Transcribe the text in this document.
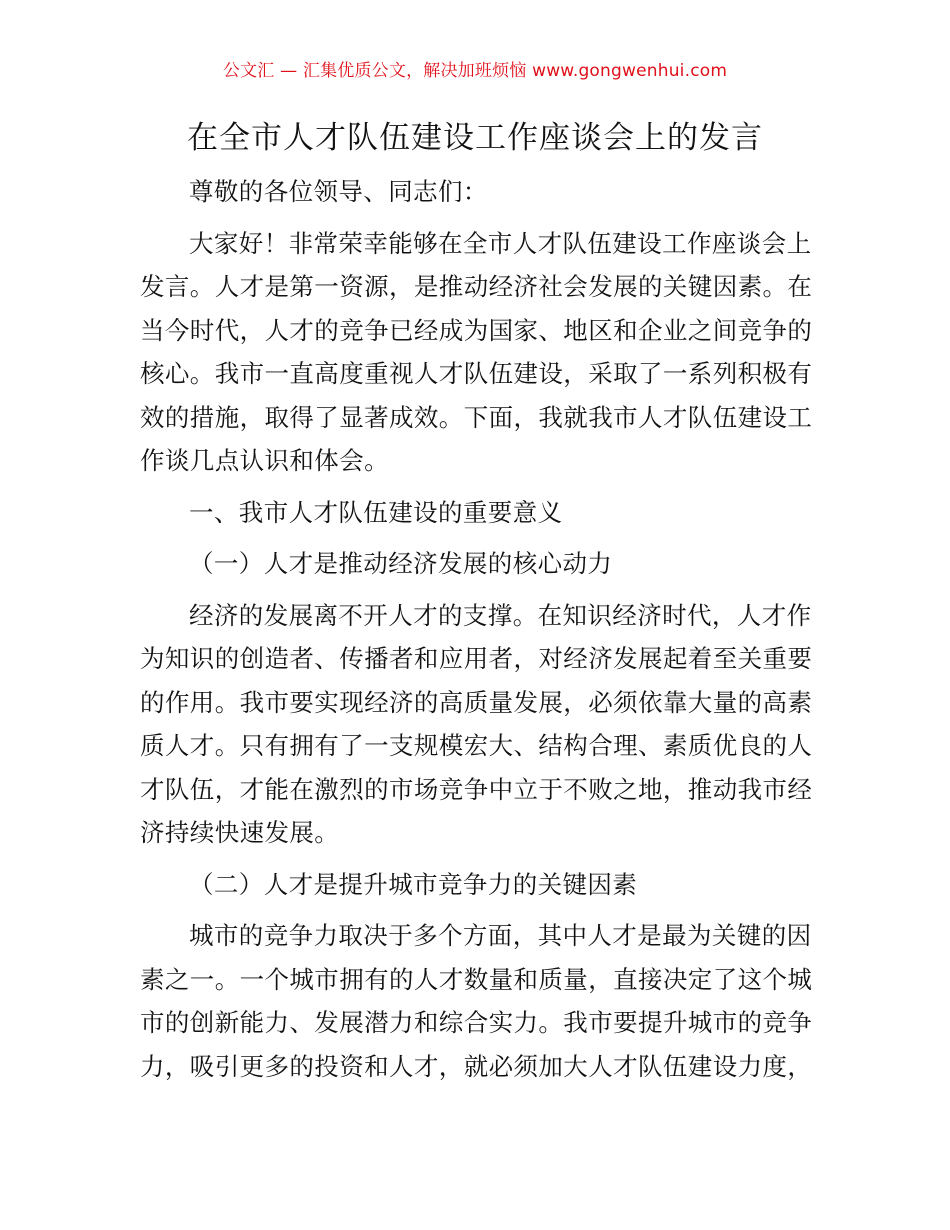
公文汇 — 汇集优质公文，解决加班烦恼 www.gongwenhui.com
在全市人才队伍建设工作座谈会上的发言
尊敬的各位领导、同志们：
大家好！非常荣幸能够在全市人才队伍建设工作座谈会上
发言。人才是第一资源，是推动经济社会发展的关键因素。在
当今时代，人才的竞争已经成为国家、地区和企业之间竞争的
核心。我市一直高度重视人才队伍建设，采取了一系列积极有
效的措施，取得了显著成效。下面，我就我市人才队伍建设工
作谈几点认识和体会。
一、我市人才队伍建设的重要意义
（一）人才是推动经济发展的核心动力
经济的发展离不开人才的支撑。在知识经济时代，人才作
为知识的创造者、传播者和应用者，对经济发展起着至关重要
的作用。我市要实现经济的高质量发展，必须依靠大量的高素
质人才。只有拥有了一支规模宏大、结构合理、素质优良的人
才队伍，才能在激烈的市场竞争中立于不败之地，推动我市经
济持续快速发展。
（二）人才是提升城市竞争力的关键因素
城市的竞争力取决于多个方面，其中人才是最为关键的因
素之一。一个城市拥有的人才数量和质量，直接决定了这个城
市的创新能力、发展潜力和综合实力。我市要提升城市的竞争
力，吸引更多的投资和人才，就必须加大人才队伍建设力度，
